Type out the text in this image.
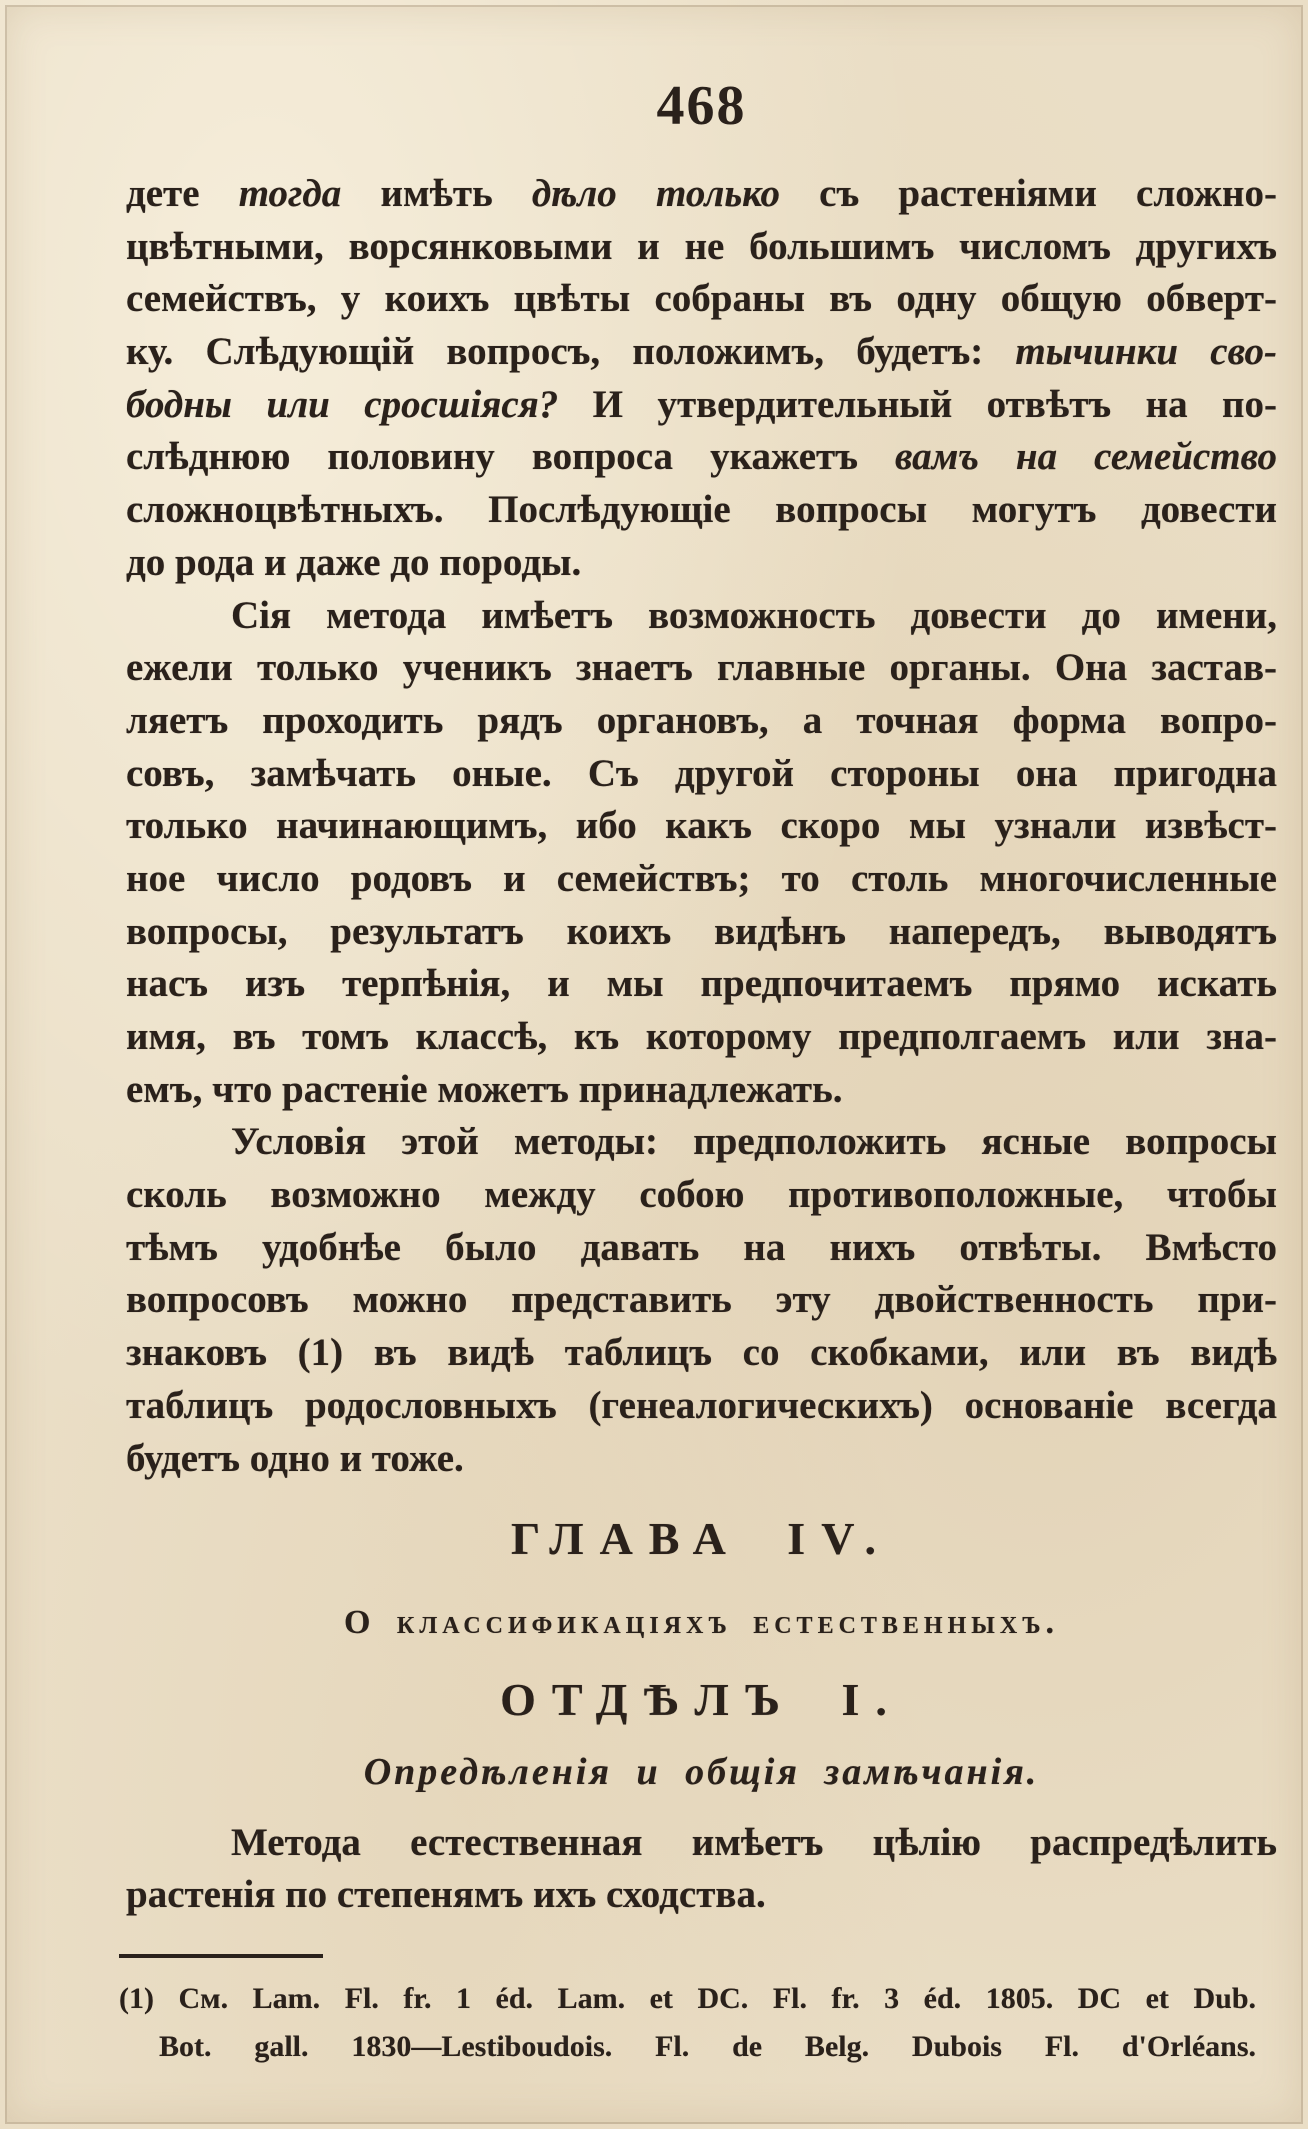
468
дете тогда имѣть дѣло только съ растеніями сложно-
цвѣтными, ворсянковыми и не большимъ числомъ другихъ
семействъ, у коихъ цвѣты собраны въ одну общую обверт-
ку. Слѣдующій вопросъ, положимъ, будетъ: тычинки сво-
бодны или сросшіяся? И утвердительный отвѣтъ на по-
слѣднюю половину вопроса укажетъ вамъ на семейство
сложноцвѣтныхъ. Послѣдующіе вопросы могутъ довести
до рода и даже до породы.
Сія метода имѣетъ возможность довести до имени,
ежели только ученикъ знаетъ главные органы. Она застав-
ляетъ проходить рядъ органовъ, а точная форма вопро-
совъ, замѣчать оные. Съ другой стороны она пригодна
только начинающимъ, ибо какъ скоро мы узнали извѣст-
ное число родовъ и семействъ; то столь многочисленные
вопросы, результатъ коихъ видѣнъ напередъ, выводятъ
насъ изъ терпѣнія, и мы предпочитаемъ прямо искать
имя, въ томъ классѣ, къ которому предполгаемъ или зна-
емъ, что растеніе можетъ принадлежать.
Условія этой методы: предположить ясные вопросы
сколь возможно между собою противоположные, чтобы
тѣмъ удобнѣе было давать на нихъ отвѣты. Вмѣсто
вопросовъ можно представить эту двойственность при-
знаковъ (1) въ видѣ таблицъ со скобками, или въ видѣ
таблицъ родословныхъ (генеалогическихъ) основаніе всегда
будетъ одно и тоже.
ГЛАВА IV.
О классификаціяхъ естественныхъ.
ОТДѢЛЪ I.
Опредѣленія и общія замѣчанія.
Метода естественная имѣетъ цѣлію распредѣлить
растенія по степенямъ ихъ сходства.
(1) См. Lam. Fl. fr. 1 éd. Lam. et DC. Fl. fr. 3 éd. 1805. DC et Dub.
Bot. gall. 1830—Lestiboudois. Fl. de Belg. Dubois Fl. d'Orléans.
